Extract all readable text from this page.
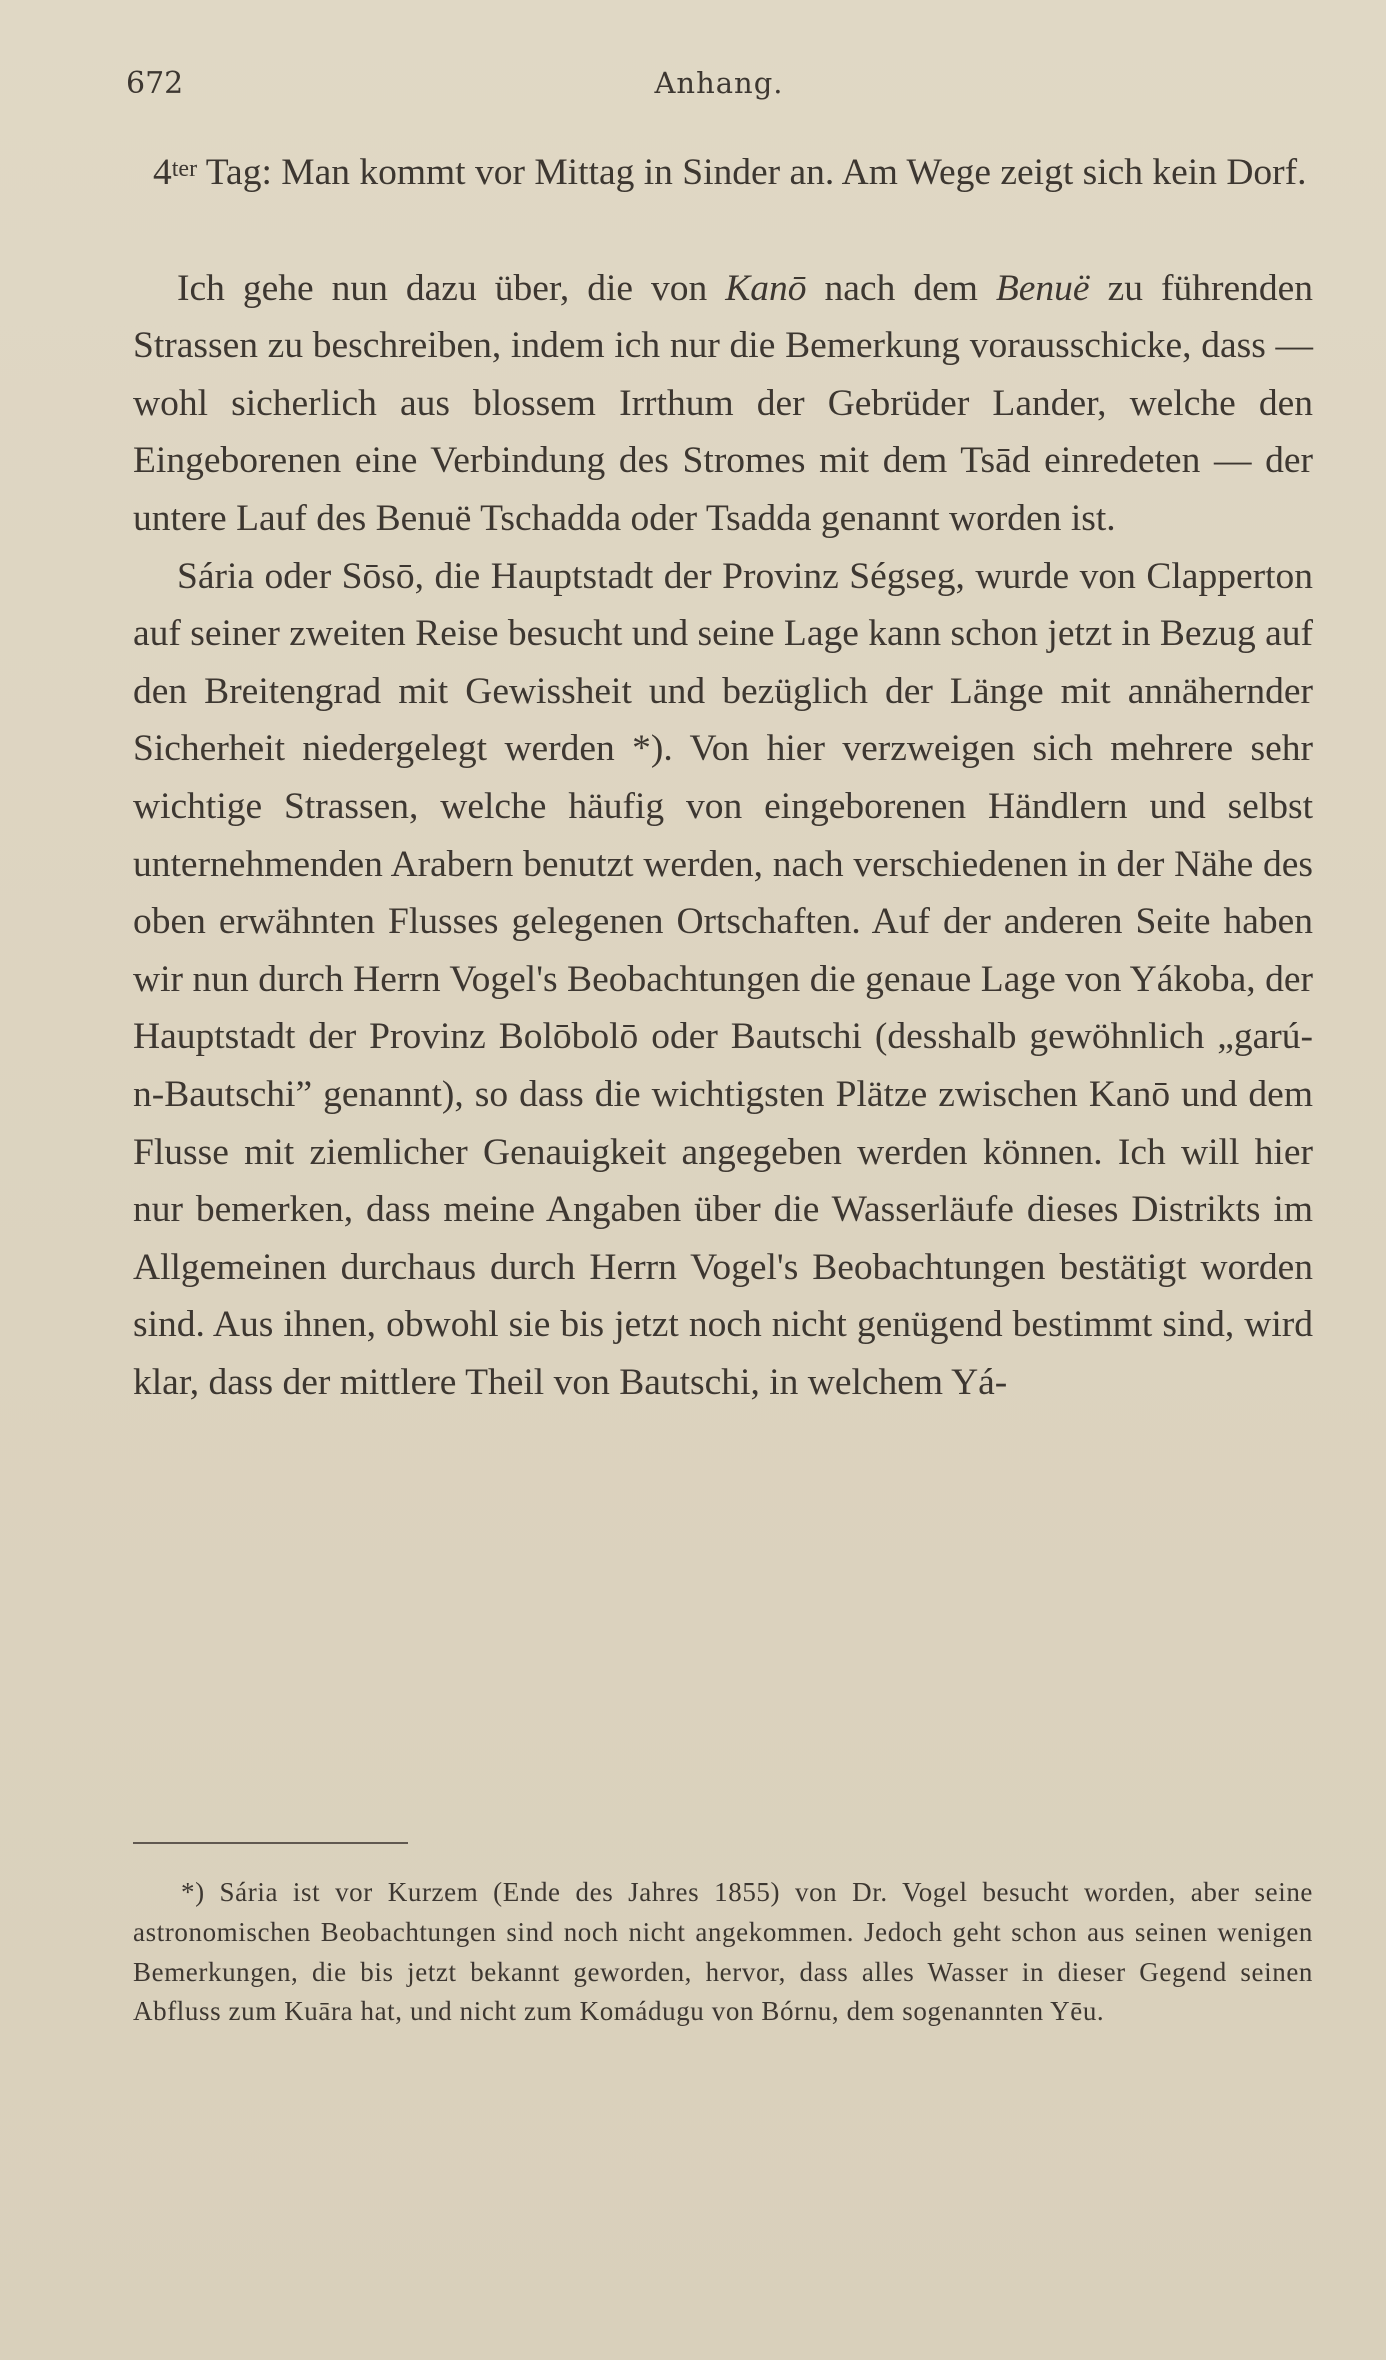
672	Anhang.

$4^{ter}$ Tag: Man kommt vor Mittag in Sinder an. Am Wege zeigt sich kein Dorf.

Ich gehe nun dazu über, die von Kanō nach dem Benuë zu führenden Strassen zu beschreiben, indem ich nur die Bemerkung vorausschicke, dass — wohl sicherlich aus blossem Irrthum der Gebrüder Lander, welche den Eingeborenen eine Verbindung des Stromes mit dem Tsād einredeten — der untere Lauf des Benuë Tschadda oder Tsadda genannt worden ist.

Sária oder Sōsō, die Hauptstadt der Provinz Ségseg, wurde von Clapperton auf seiner zweiten Reise besucht und seine Lage kann schon jetzt in Bezug auf den Breitengrad mit Gewissheit und bezüglich der Länge mit annähernder Sicherheit niedergelegt werden *). Von hier verzweigen sich mehrere sehr wichtige Strassen, welche häufig von eingeborenen Händlern und selbst unternehmenden Arabern benutzt werden, nach verschiedenen in der Nähe des oben erwähnten Flusses gelegenen Ortschaften. Auf der anderen Seite haben wir nun durch Herrn Vogel's Beobachtungen die genaue Lage von Yákoba, der Hauptstadt der Provinz Bolōbolō oder Bautschi (desshalb gewöhnlich „garú-n-Bautschi” genannt), so dass die wichtigsten Plätze zwischen Kanō und dem Flusse mit ziemlicher Genauigkeit angegeben werden können. Ich will hier nur bemerken, dass meine Angaben über die Wasserläufe dieses Distrikts im Allgemeinen durchaus durch Herrn Vogel's Beobachtungen bestätigt worden sind. Aus ihnen, obwohl sie bis jetzt noch nicht genügend bestimmt sind, wird klar, dass der mittlere Theil von Bautschi, in welchem Yá-

*) Sária ist vor Kurzem (Ende des Jahres 1855) von Dr. Vogel besucht worden, aber seine astronomischen Beobachtungen sind noch nicht angekommen. Jedoch geht schon aus seinen wenigen Bemerkungen, die bis jetzt bekannt geworden, hervor, dass alles Wasser in dieser Gegend seinen Abfluss zum Kuāra hat, und nicht zum Komádugu von Bórnu, dem sogenannten Yēu.
